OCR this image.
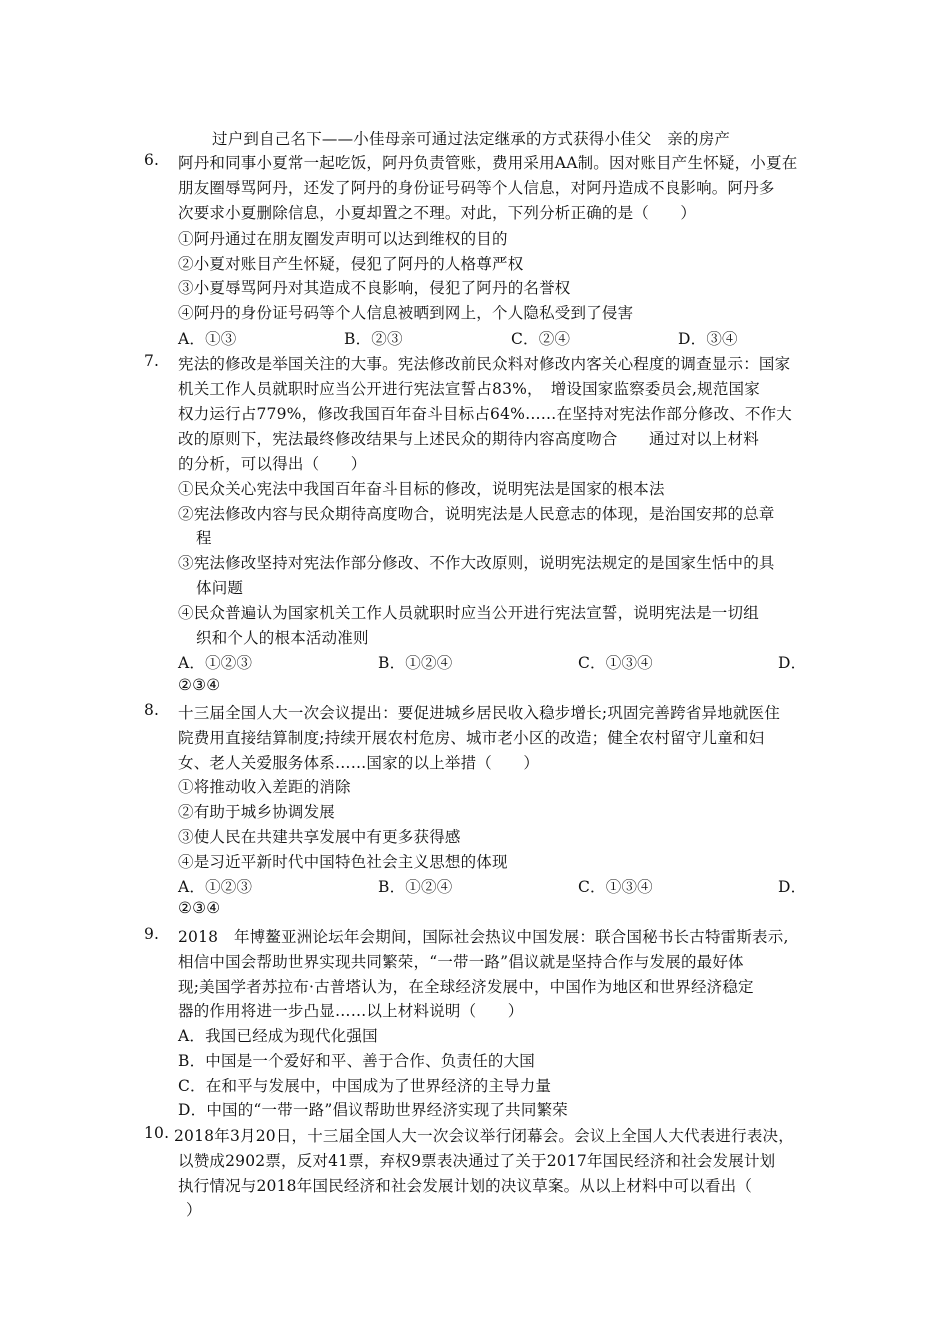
过户到自己名下——小佳母亲可通过法定继承的方式获得小佳父　亲的房产
6. 阿丹和同事小夏常一起吃饭，阿丹负责管账，费用采用AA制。因对账目产生怀疑，小夏在
朋友圈辱骂阿丹，还发了阿丹的身份证号码等个人信息，对阿丹造成不良影响。阿丹多
次要求小夏删除信息，小夏却置之不理。对此，下列分析正确的是（　　）
①阿丹通过在朋友圈发声明可以达到维权的目的
②小夏对账目产生怀疑，侵犯了阿丹的人格尊严权
③小夏辱骂阿丹对其造成不良影响，侵犯了阿丹的名誉权
④阿丹的身份证号码等个人信息被晒到网上，个人隐私受到了侵害
A．①③	B．②③	C．②④	D．③④
7. 宪法的修改是举国关注的大事。宪法修改前民众料对修改内客关心程度的调查显示：国家
机关工作人员就职时应当公开进行宪法宣誓占83%，　增设国家监察委员会,规范国家
权力运行占779%，修改我国百年奋斗目标占64%……在坚持对宪法作部分修改、不作大
改的原则下，宪法最终修改结果与上述民众的期待内容高度吻合　　通过对以上材料
的分析，可以得出（　　）
①民众关心宪法中我国百年奋斗目标的修改，说明宪法是国家的根本法
②宪法修改内容与民众期待高度吻合，说明宪法是人民意志的体现，是治国安邦的总章
程
③宪法修改坚持对宪法作部分修改、不作大改原则，说明宪法规定的是国家生恬中的具
体问题
④民众普遍认为国家机关工作人员就职时应当公开进行宪法宣誓，说明宪法是一切组
织和个人的根本活动准则
A．①②③	B．①②④	C．①③④	D．
②③④
8. 十三届全国人大一次会议提出：要促进城乡居民收入稳步增长;巩固完善跨省异地就医住
院费用直接结算制度;持续开展农村危房、城市老小区的改造；健全农村留守儿童和妇
女、老人关爱服务体系……国家的以上举措（　　）
①将推动收入差距的消除
②有助于城乡协调发展
③使人民在共建共享发展中有更多获得感
④是习近平新时代中国特色社会主义思想的体现
A．①②③	B．①②④	C．①③④	D．
②③④
9. 2018　年博鳌亚洲论坛年会期间，国际社会热议中国发展：联合国秘书长古特雷斯表示,
相信中国会帮助世界实现共同繁荣，“一带一路”倡议就是坚持合作与发展的最好体
现;美国学者苏拉布·古普塔认为，在全球经济发展中，中国作为地区和世界经济稳定
器的作用将进一步凸显……以上材料说明（　　）
A．我国已经成为现代化强国
B．中国是一个爱好和平、善于合作、负责任的大国
C．在和平与发展中，中国成为了世界经济的主导力量
D．中国的“一带一路”倡议帮助世界经济实现了共同繁荣
10. 2018年3月20日，十三届全国人大一次会议举行闭幕会。会议上全国人大代表进行表决，
以赞成2902票，反对41票，弃权9票表决通过了关于2017年国民经济和社会发展计划
执行情况与2018年国民经济和社会发展计划的决议草案。从以上材料中可以看出（
）
